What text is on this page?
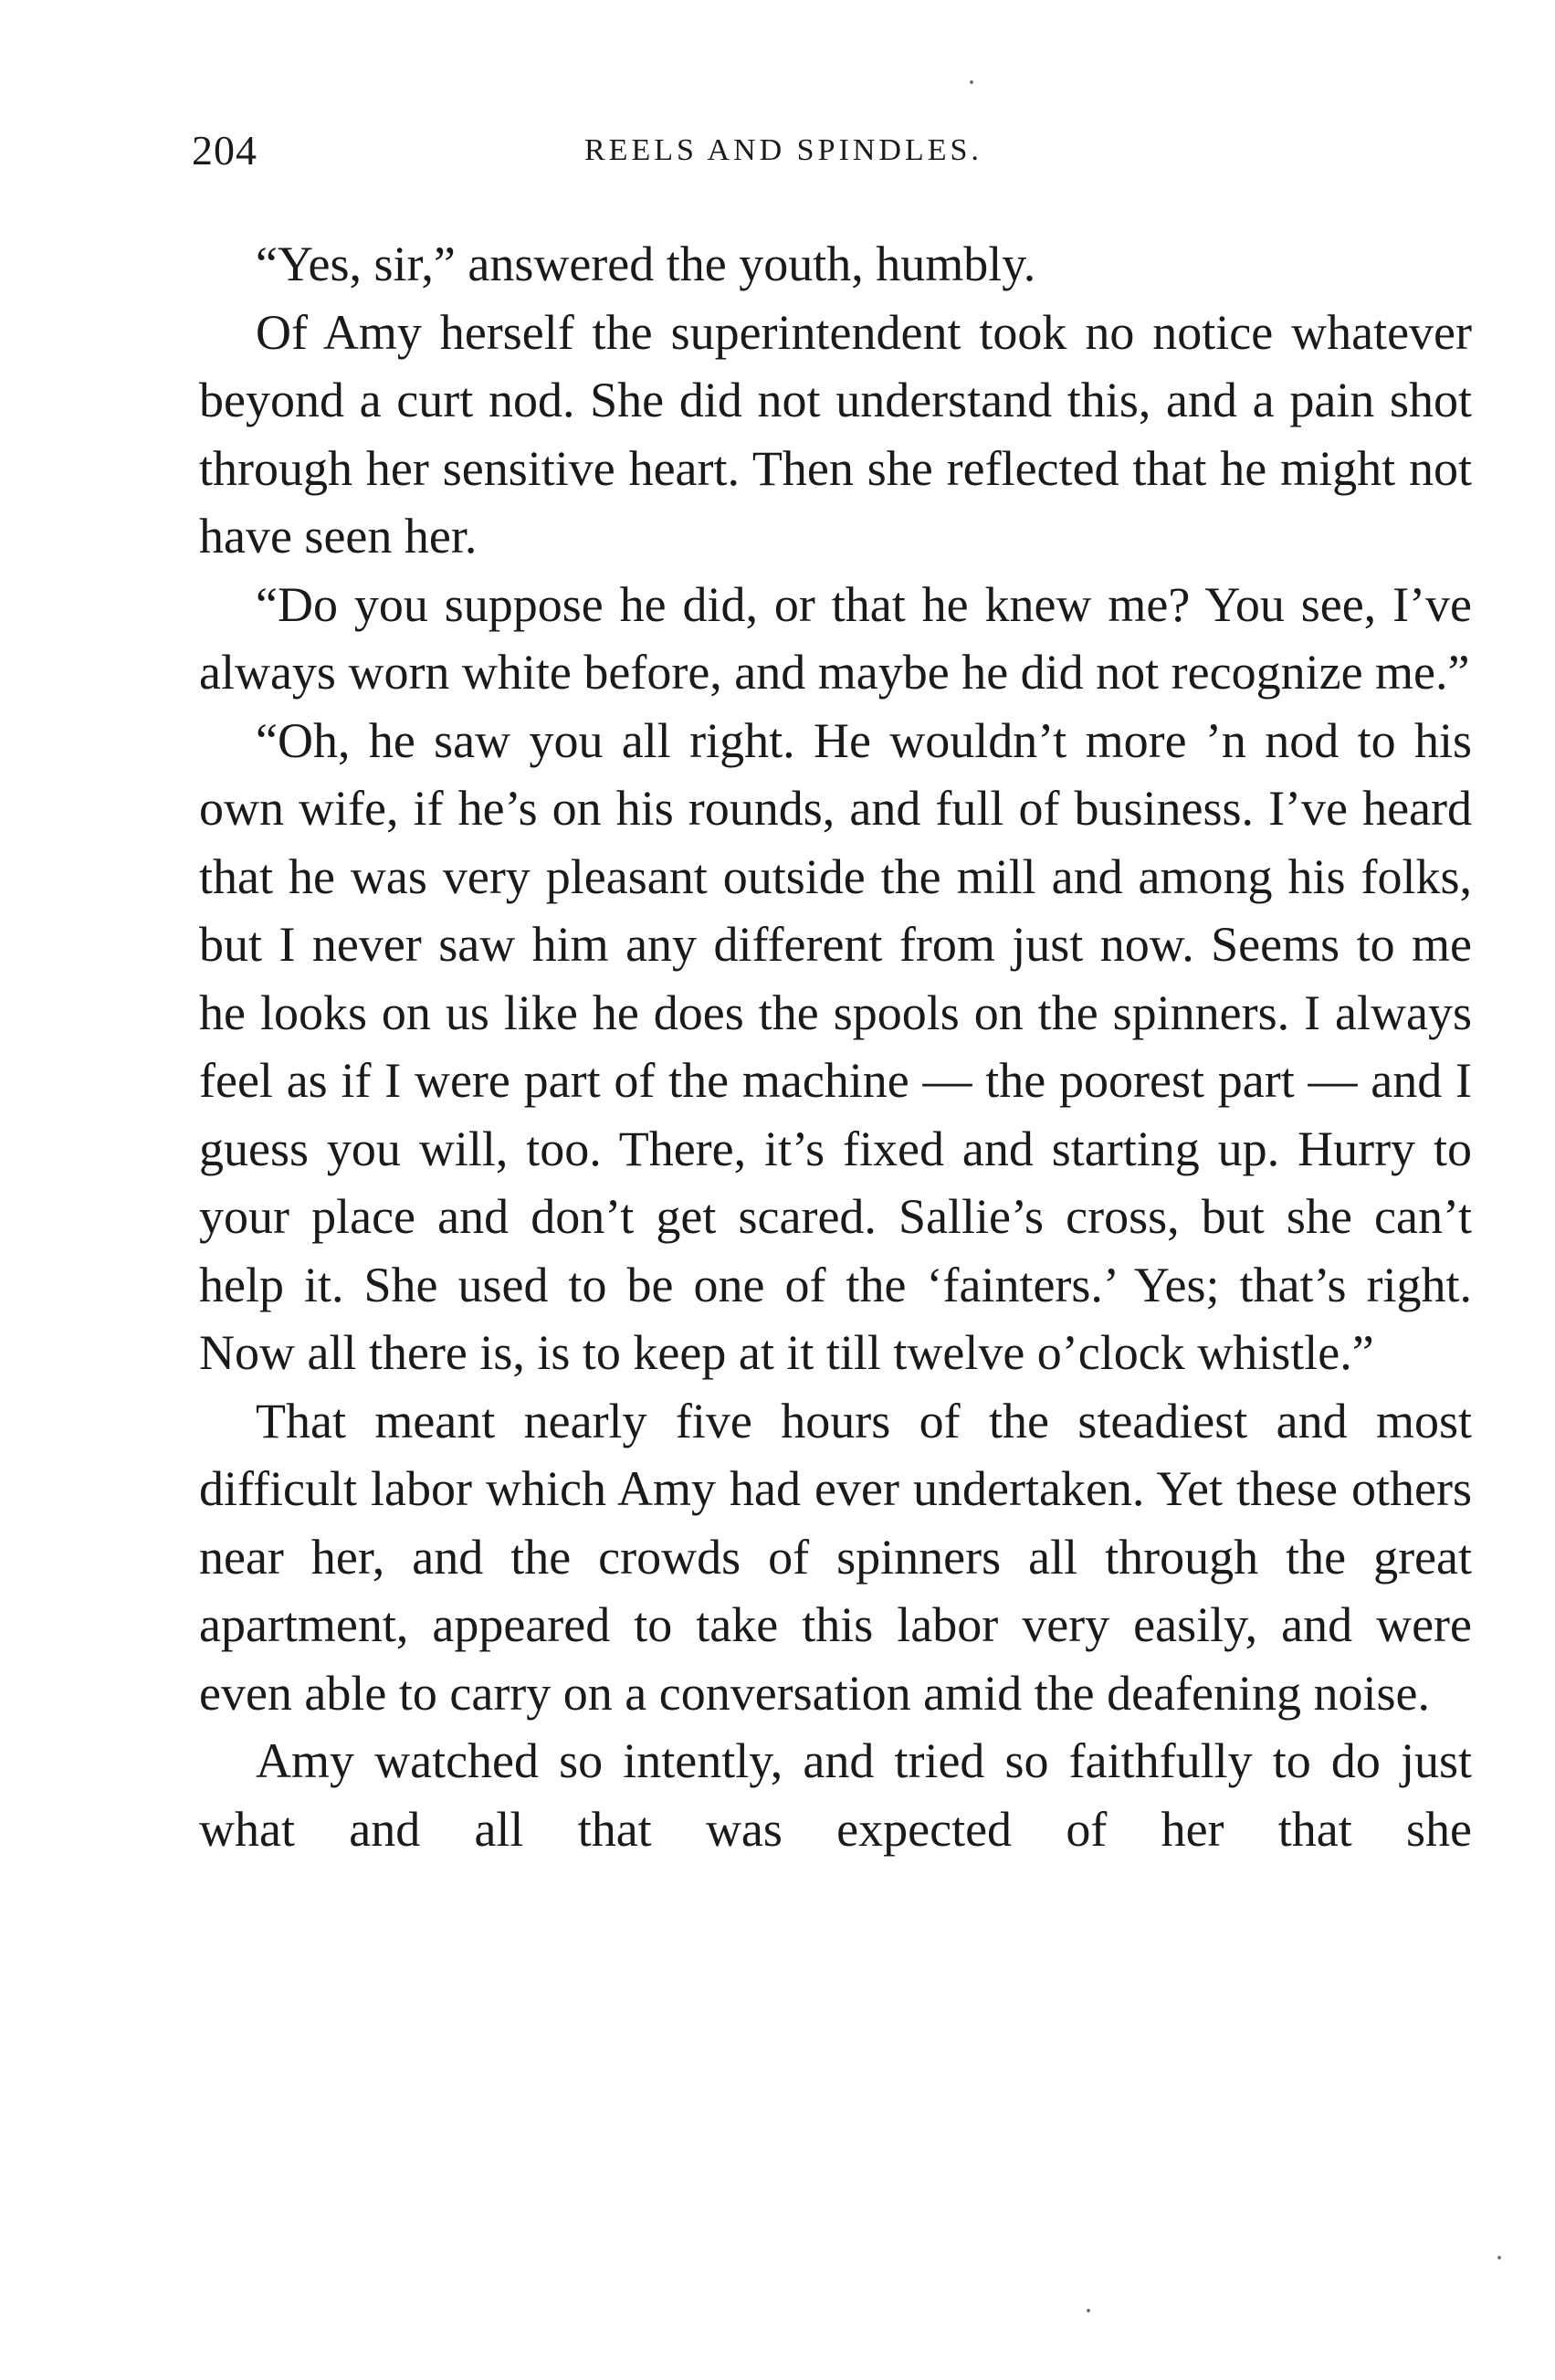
204	REELS AND SPINDLES.

“Yes, sir,” answered the youth, humbly.

Of Amy herself the superintendent took no notice whatever beyond a curt nod. She did not understand this, and a pain shot through her sensitive heart. Then she reflected that he might not have seen her.

“Do you suppose he did, or that he knew me? You see, I’ve always worn white before, and maybe he did not recognize me.”

“Oh, he saw you all right. He wouldn’t more ’n nod to his own wife, if he’s on his rounds, and full of business. I’ve heard that he was very pleasant outside the mill and among his folks, but I never saw him any different from just now. Seems to me he looks on us like he does the spools on the spinners. I always feel as if I were part of the machine — the poorest part — and I guess you will, too. There, it’s fixed and starting up. Hurry to your place and don’t get scared. Sallie’s cross, but she can’t help it. She used to be one of the ‘fainters.’ Yes; that’s right. Now all there is, is to keep at it till twelve o’clock whistle.”

That meant nearly five hours of the steadiest and most difficult labor which Amy had ever undertaken. Yet these others near her, and the crowds of spinners all through the great apartment, appeared to take this labor very easily, and were even able to carry on a conversation amid the deafening noise.

Amy watched so intently, and tried so faithfully to do just what and all that was expected of her that she
